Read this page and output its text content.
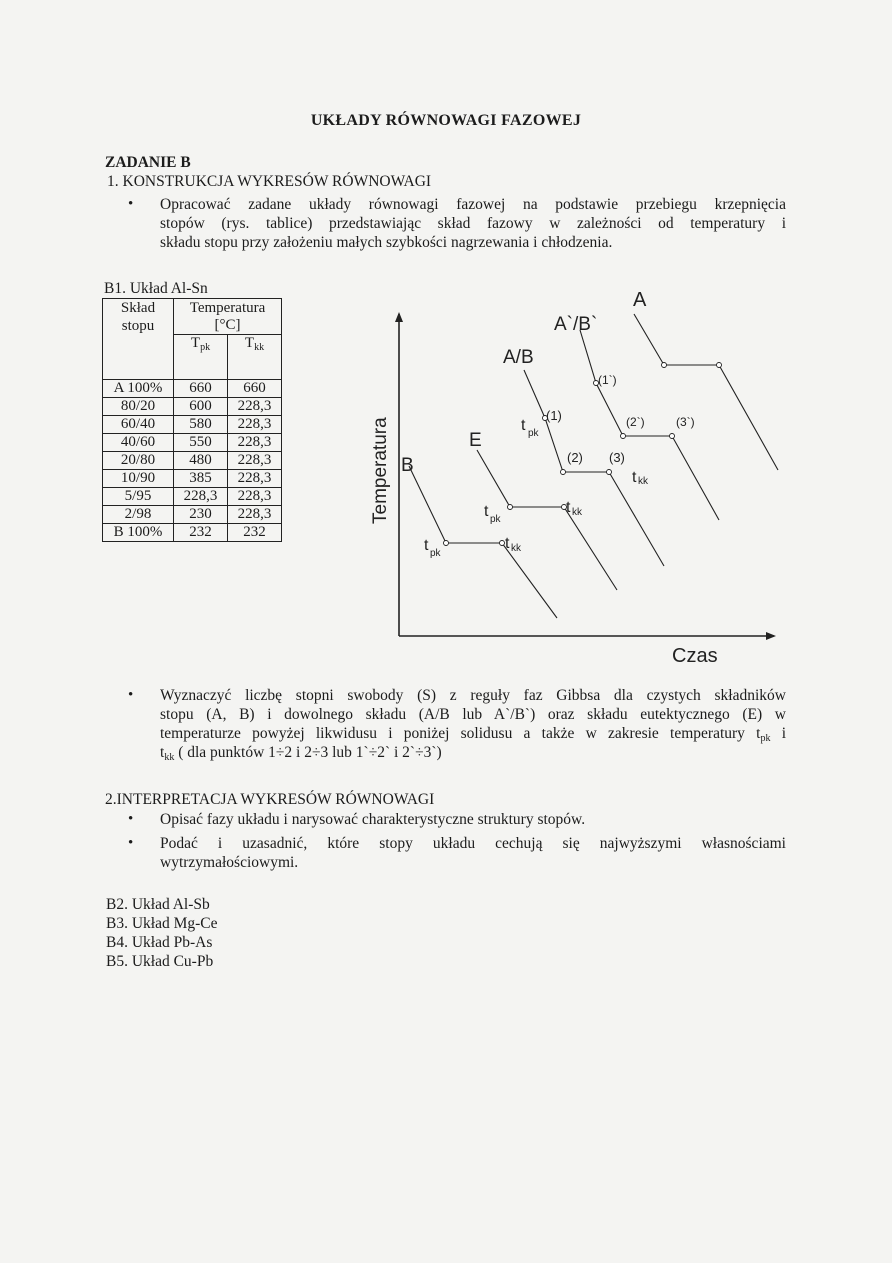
UKŁADY RÓWNOWAGI FAZOWEJ
ZADANIE B
1. KONSTRUKCJA WYKRESÓW RÓWNOWAGI
• Opracować zadane układy równowagi fazowej na podstawie przebiegu krzepnięcia
stopów (rys. tablice) przedstawiając skład fazowy w zależności od temperatury i
składu stopu przy założeniu małych szybkości nagrzewania i chłodzenia.
B1. Układ Al-Sn
Skład
stopu	Temperatura	
	[°C]	
	$T_{pk}$	$T_{kk}$
A 100%	660	660
80/20	600	228,3
60/40	580	228,3
40/60	550	228,3
20/80	480	228,3
10/90	385	228,3
5/95	228,3	228,3
2/98	230	228,3
B 100%	232	232
Temperatura
Czas
B
E
A/B
A`/B`
A
(1`)
(1)	(2`)	(3`)
(2) (3)
t pk
t kk
t pk
t kk
t pk
t kk
• Wyznaczyć liczbę stopni swobody (S) z reguły faz Gibbsa dla czystych składników
stopu (A, B) i dowolnego składu (A/B lub A`/B`) oraz składu eutektycznego (E) w
temperaturze powyżej likwidusu i poniżej solidusu a także w zakresie temperatury $t_{pk}$ i
$t_{kk}$ ( dla punktów 1÷2 i 2÷3 lub 1`÷2` i 2`÷3`)
2.INTERPRETACJA WYKRESÓW RÓWNOWAGI
• Opisać fazy układu i narysować charakterystyczne struktury stopów.
• Podać i uzasadnić, które stopy układu cechują się najwyższymi własnościami
wytrzymałościowymi.
B2. Układ Al-Sb
B3. Układ Mg-Ce
B4. Układ Pb-As
B5. Układ Cu-Pb
